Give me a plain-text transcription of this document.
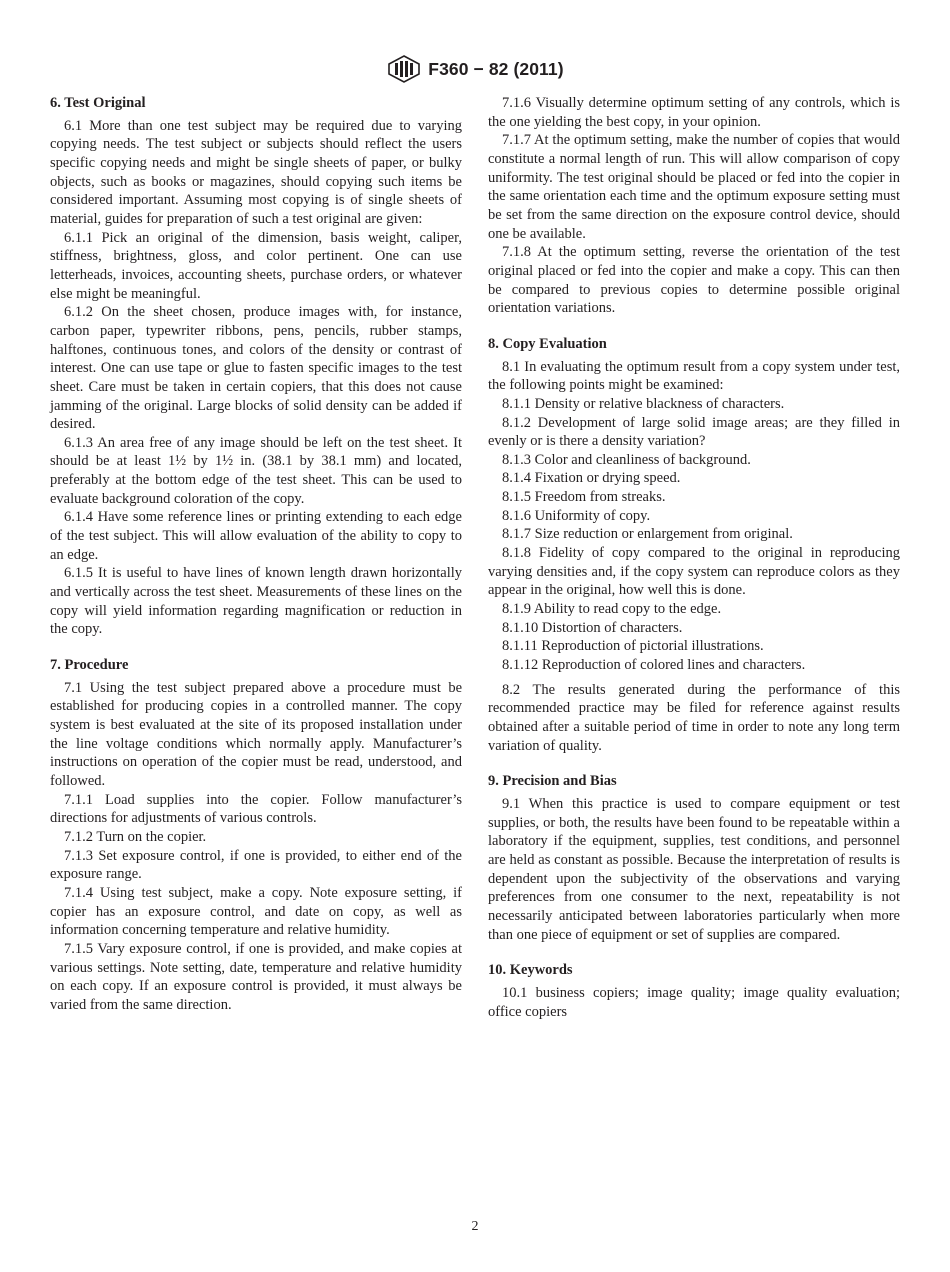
F360 − 82 (2011)
6. Test Original

6.1 More than one test subject may be required due to varying copying needs. The test subject or subjects should reflect the users specific copying needs and might be single sheets of paper, or bulky objects, such as books or magazines, should copying such items be considered important. Assuming most copying is of single sheets of material, guides for preparation of such a test original are given:

6.1.1 Pick an original of the dimension, basis weight, caliper, stiffness, brightness, gloss, and color pertinent. One can use letterheads, invoices, accounting sheets, purchase orders, or whatever else might be meaningful.

6.1.2 On the sheet chosen, produce images with, for instance, carbon paper, typewriter ribbons, pens, pencils, rubber stamps, halftones, continuous tones, and colors of the density or contrast of interest. One can use tape or glue to fasten specific images to the test sheet. Care must be taken in certain copiers, that this does not cause jamming of the original. Large blocks of solid density can be added if desired.

6.1.3 An area free of any image should be left on the test sheet. It should be at least 1½ by 1½ in. (38.1 by 38.1 mm) and located, preferably at the bottom edge of the test sheet. This can be used to evaluate background coloration of the copy.

6.1.4 Have some reference lines or printing extending to each edge of the test subject. This will allow evaluation of the ability to copy to an edge.

6.1.5 It is useful to have lines of known length drawn horizontally and vertically across the test sheet. Measurements of these lines on the copy will yield information regarding magnification or reduction in the copy.

7. Procedure

7.1 Using the test subject prepared above a procedure must be established for producing copies in a controlled manner. The copy system is best evaluated at the site of its proposed installation under the line voltage conditions which normally apply. Manufacturer’s instructions on operation of the copier must be read, understood, and followed.

7.1.1 Load supplies into the copier. Follow manufacturer’s directions for adjustments of various controls.

7.1.2 Turn on the copier.

7.1.3 Set exposure control, if one is provided, to either end of the exposure range.

7.1.4 Using test subject, make a copy. Note exposure setting, if copier has an exposure control, and date on copy, as well as information concerning temperature and relative humidity.

7.1.5 Vary exposure control, if one is provided, and make copies at various settings. Note setting, date, temperature and relative humidity on each copy. If an exposure control is provided, it must always be varied from the same direction.

7.1.6 Visually determine optimum setting of any controls, which is the one yielding the best copy, in your opinion.

7.1.7 At the optimum setting, make the number of copies that would constitute a normal length of run. This will allow comparison of copy uniformity. The test original should be placed or fed into the copier in the same orientation each time and the optimum exposure setting must be set from the same direction on the exposure control device, should one be available.

7.1.8 At the optimum setting, reverse the orientation of the test original placed or fed into the copier and make a copy. This can then be compared to previous copies to determine possible original orientation variations.

8. Copy Evaluation

8.1 In evaluating the optimum result from a copy system under test, the following points might be examined:

8.1.1 Density or relative blackness of characters.

8.1.2 Development of large solid image areas; are they filled in evenly or is there a density variation?

8.1.3 Color and cleanliness of background.

8.1.4 Fixation or drying speed.

8.1.5 Freedom from streaks.

8.1.6 Uniformity of copy.

8.1.7 Size reduction or enlargement from original.

8.1.8 Fidelity of copy compared to the original in reproducing varying densities and, if the copy system can reproduce colors as they appear in the original, how well this is done.

8.1.9 Ability to read copy to the edge.

8.1.10 Distortion of characters.

8.1.11 Reproduction of pictorial illustrations.

8.1.12 Reproduction of colored lines and characters.

8.2 The results generated during the performance of this recommended practice may be filed for reference against results obtained after a suitable period of time in order to note any long term variation of quality.

9. Precision and Bias

9.1 When this practice is used to compare equipment or test supplies, or both, the results have been found to be repeatable within a laboratory if the equipment, supplies, test conditions, and personnel are held as constant as possible. Because the interpretation of results is dependent upon the subjectivity of the observations and varying preferences from one consumer to the next, repeatability is not necessarily anticipated between laboratories particularly when more than one piece of equipment or set of supplies are compared.

10. Keywords

10.1 business copiers; image quality; image quality evaluation; office copiers

2
